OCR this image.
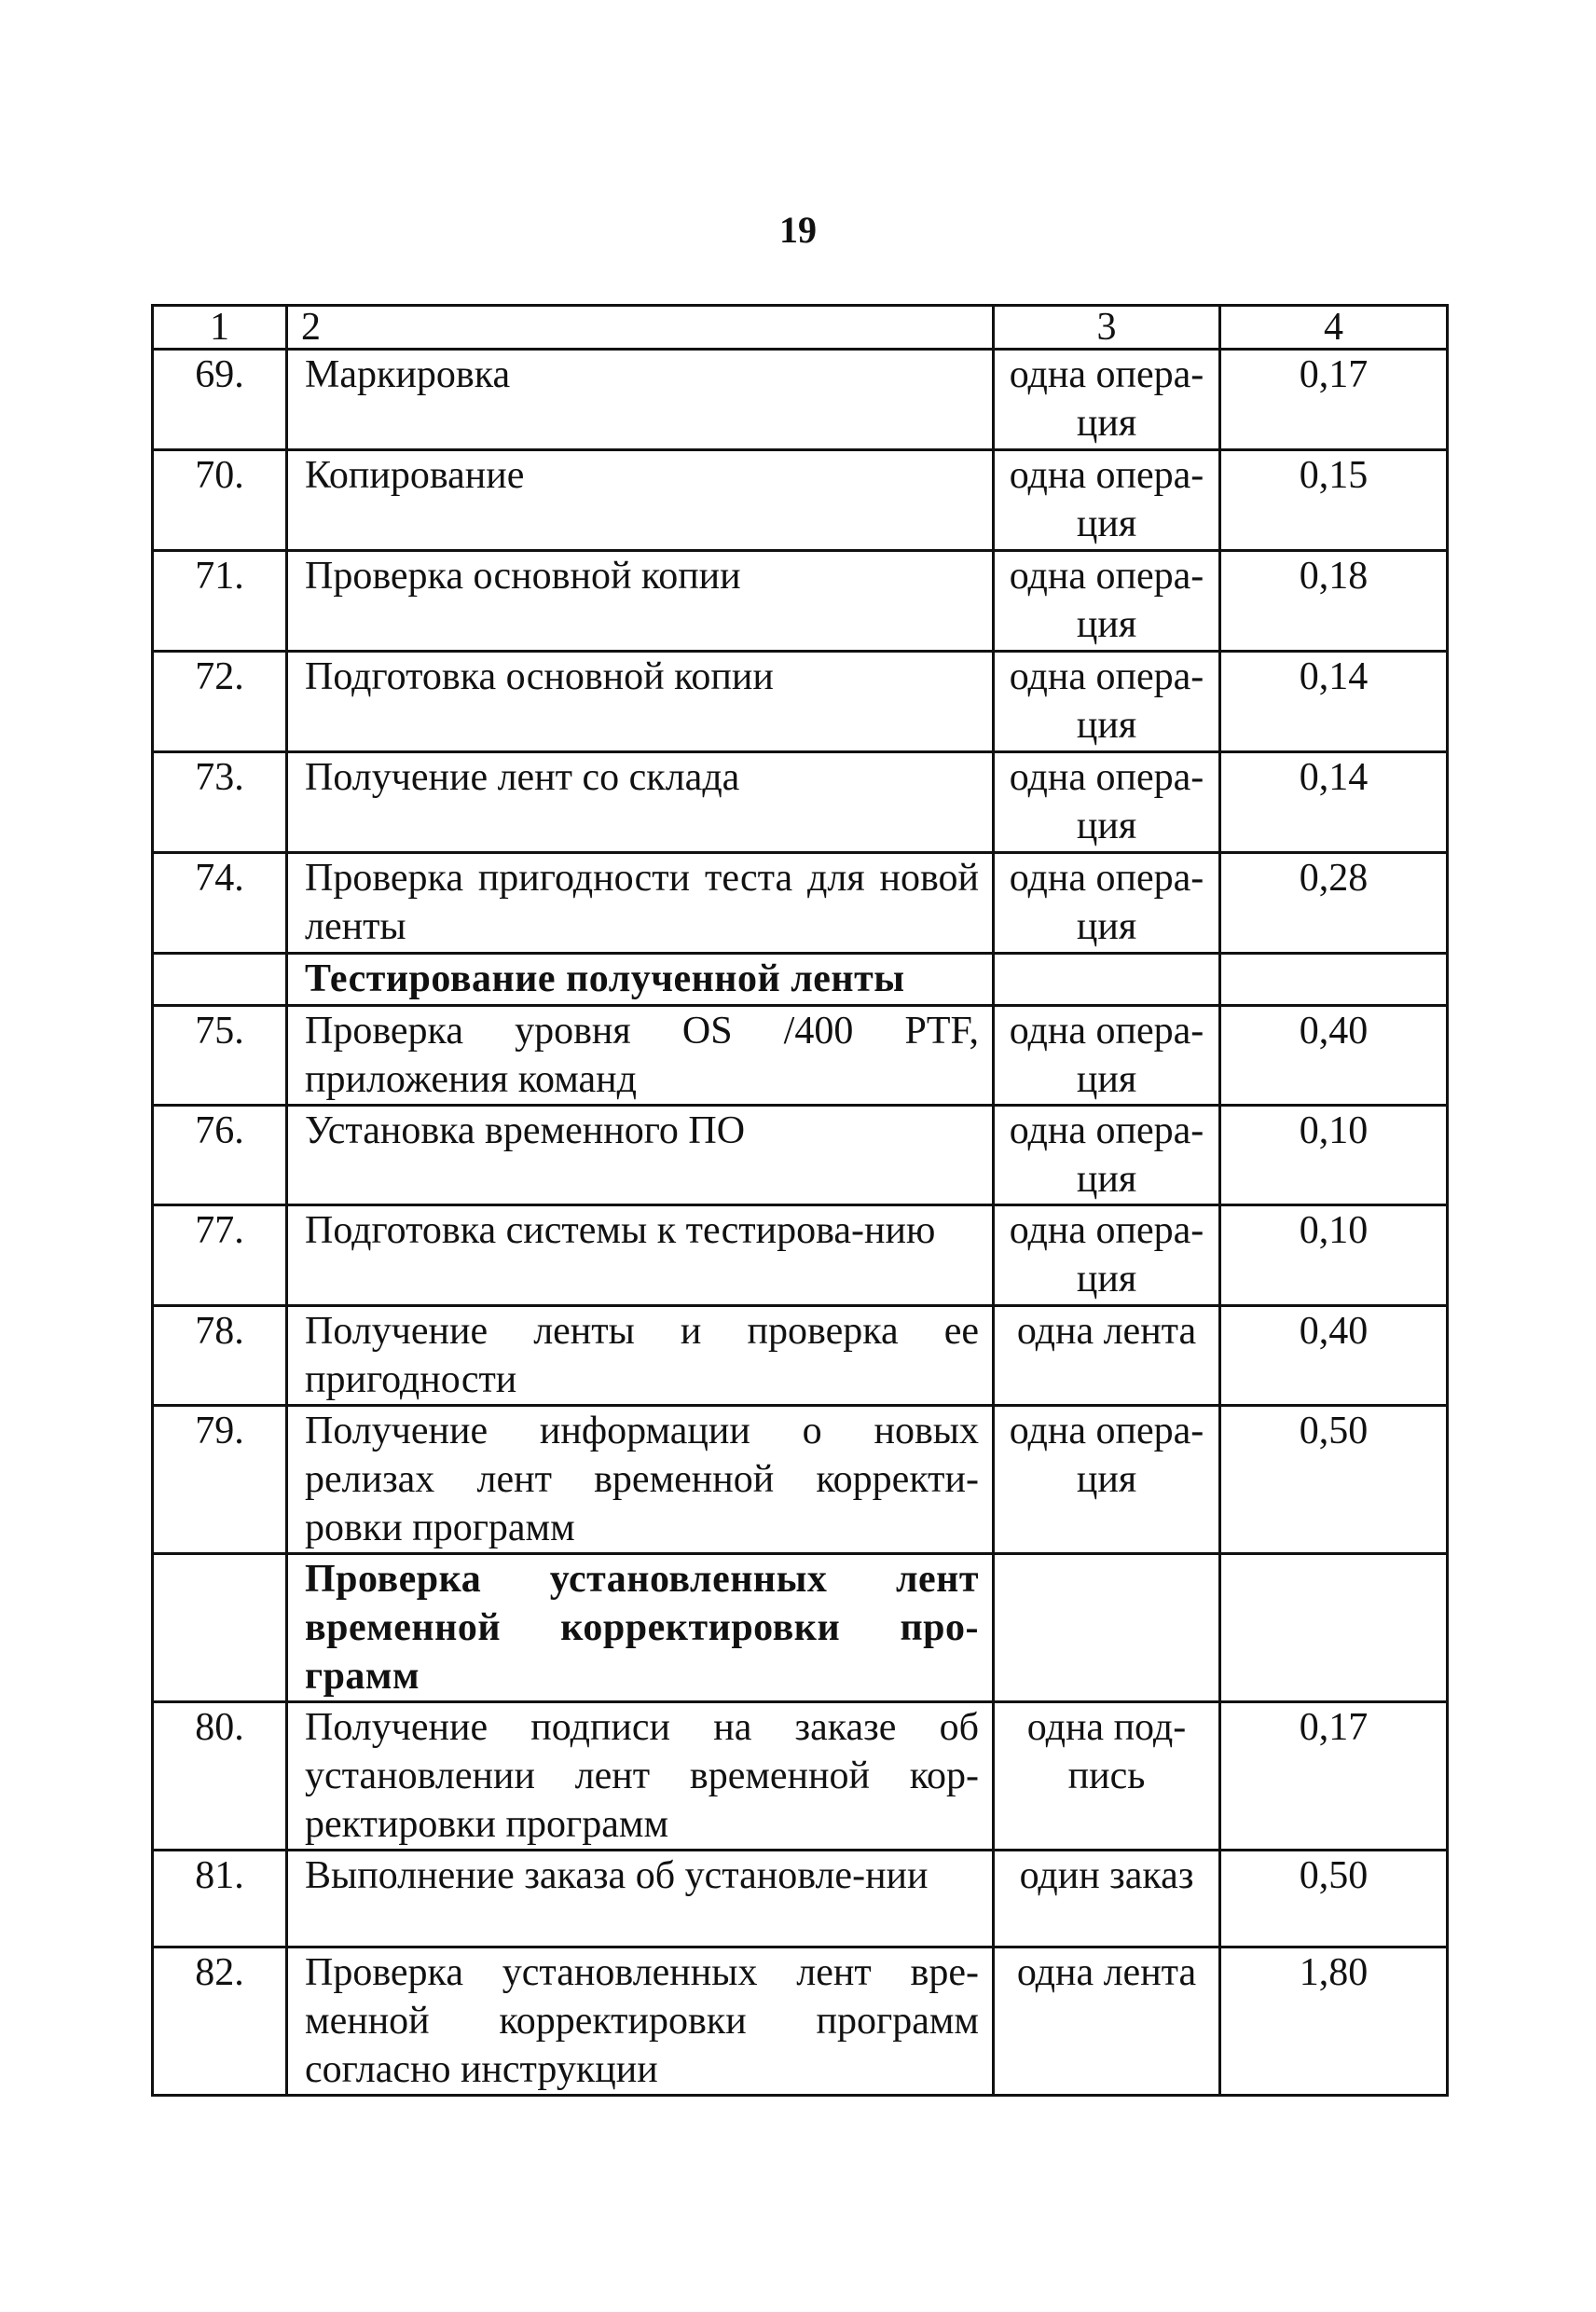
19
1	2	3	4
69.	Маркировка	одна опера-ция	0,17
70.	Копирование	одна опера-ция	0,15
71.	Проверка основной копии	одна опера-ция	0,18
72.	Подготовка основной копии	одна опера-ция	0,14
73.	Получение лент со склада	одна опера-ция	0,14
74.	Проверка пригодности теста для новой ленты	одна опера-ция	0,28
	Тестирование полученной ленты		
75.	Проверка уровня OS /400 PTF, приложения команд	одна опера-ция	0,40
76.	Установка временного ПО	одна опера-ция	0,10
77.	Подготовка системы к тестирова-нию	одна опера-ция	0,10
78.	Получение ленты и проверка ее пригодности	одна лента	0,40
79.	Получение информации о новых релизах лент временной корректи-ровки программ	одна опера-ция	0,50
	Проверка установленных лент временной корректировки про-грамм		
80.	Получение подписи на заказе об установлении лент временной кор-ректировки программ	одна под-пись	0,17
81.	Выполнение заказа об установле-нии	один заказ	0,50
82.	Проверка установленных лент вре-менной корректировки программ согласно инструкции	одна лента	1,80
